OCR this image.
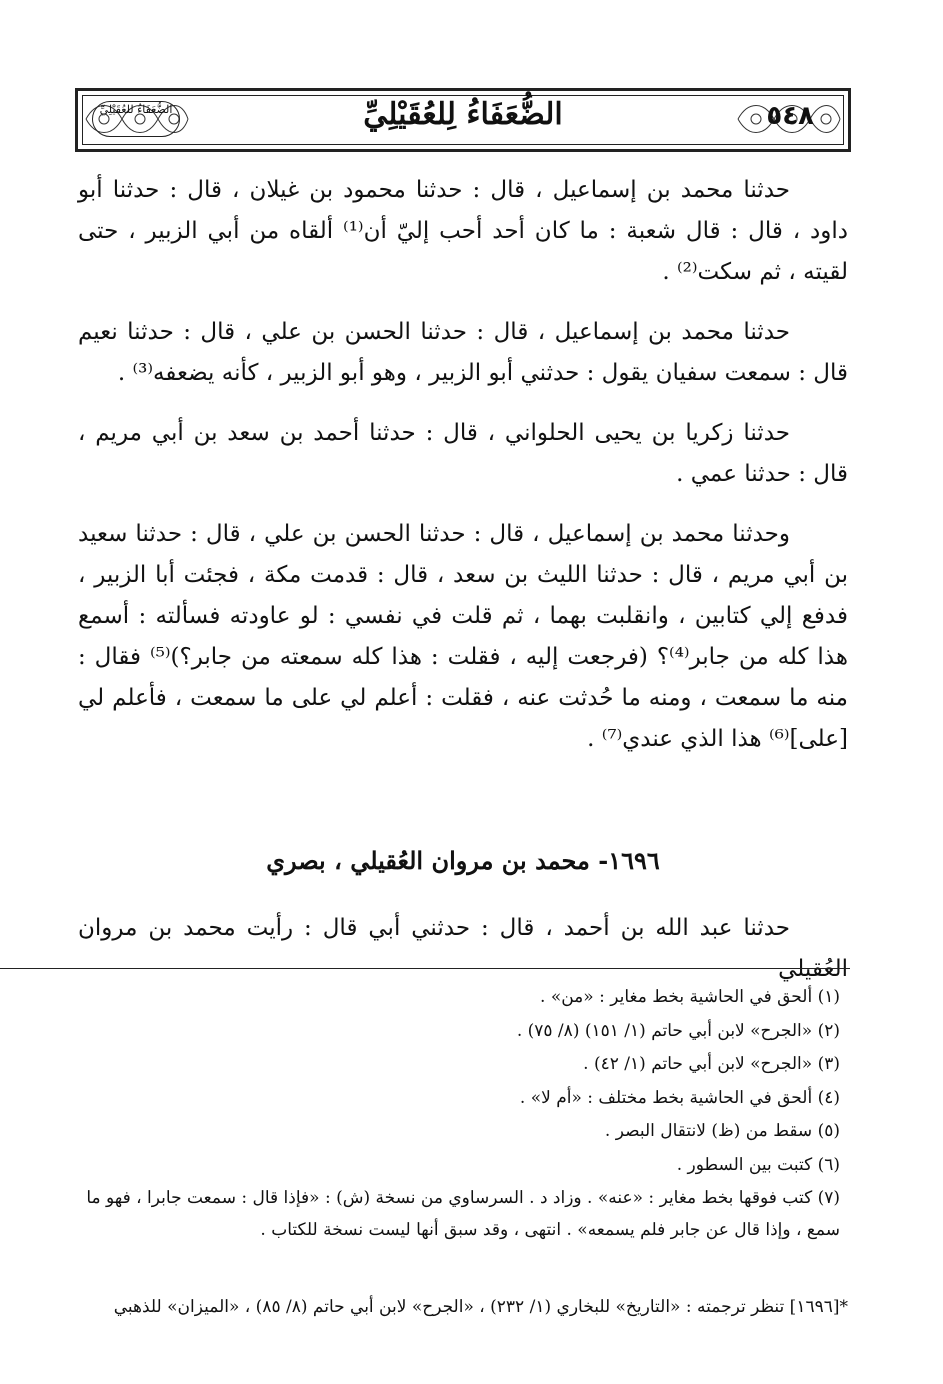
الضُّعَفَاءُ للعُقَيْلِيِّ	٥٤٨
الضُّعَفَاءُ لِلعُقَيْلِيِّ

حدثنا محمد بن إسماعيل ، قال : حدثنا محمود بن غيلان ، قال : حدثنا أبو داود ، قال : قال شعبة : ما كان أحد أحب إليّ أن⁽¹⁾ ألقاه من أبي الزبير ، حتى لقيته ، ثم سكت⁽²⁾ .

حدثنا محمد بن إسماعيل ، قال : حدثنا الحسن بن علي ، قال : حدثنا نعيم قال : سمعت سفيان يقول : حدثني أبو الزبير ، وهو أبو الزبير ، كأنه يضعفه⁽³⁾ .

حدثنا زكريا بن يحيى الحلواني ، قال : حدثنا أحمد بن سعد بن أبي مريم ، قال : حدثنا عمي .

وحدثنا محمد بن إسماعيل ، قال : حدثنا الحسن بن علي ، قال : حدثنا سعيد بن أبي مريم ، قال : حدثنا الليث بن سعد ، قال : قدمت مكة ، فجئت أبا الزبير ، فدفع إلي كتابين ، وانقلبت بهما ، ثم قلت في نفسي : لو عاودته فسألته : أسمع هذا كله من جابر⁽⁴⁾؟ (فرجعت إليه ، فقلت : هذا كله سمعته من جابر؟)⁽⁵⁾ فقال : منه ما سمعت ، ومنه ما حُدثت عنه ، فقلت : أعلم لي على ما سمعت ، فأعلم لي [على]⁽⁶⁾ هذا الذي عندي⁽⁷⁾ .

١٦٩٦- محمد بن مروان العُقيلي ، بصري
حدثنا عبد الله بن أحمد ، قال : حدثني أبي قال : رأيت محمد بن مروان العُقيلي

(١) ألحق في الحاشية بخط مغاير : «من» .

(٢) «الجرح» لابن أبي حاتم (١/ ١٥١) (٨/ ٧٥) .

(٣) «الجرح» لابن أبي حاتم (١/ ٤٢) .

(٤) ألحق في الحاشية بخط مختلف : «أم لا» .

(٥) سقط من (ظ) لانتقال البصر .

(٦) كتبت بين السطور .

(٧) كتب فوقها بخط مغاير : «عنه» . وزاد د . السرساوي من نسخة (ش) : «فإذا قال : سمعت جابرا ، فهو ما سمع ، وإذا قال عن جابر فلم يسمعه» . انتهى ، وقد سبق أنها ليست نسخة للكتاب .

*[١٦٩٦] تنظر ترجمته : «التاريخ» للبخاري (١/ ٢٣٢) ، «الجرح» لابن أبي حاتم (٨/ ٨٥) ، «الميزان» للذهبي
